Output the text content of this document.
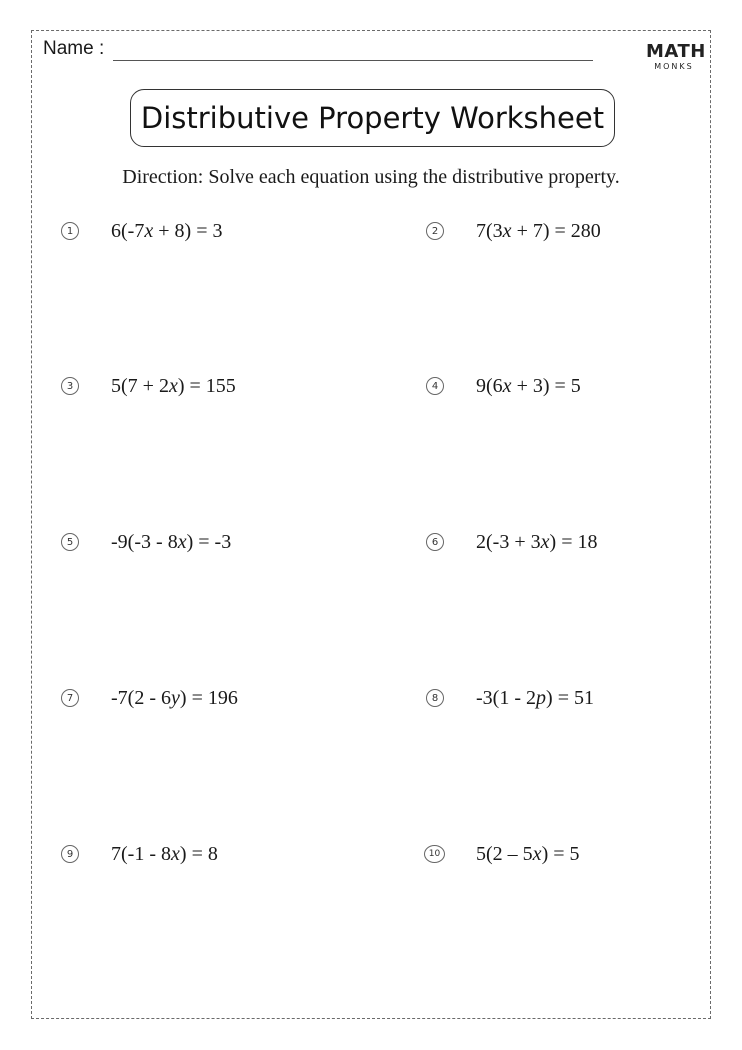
Name :	MATH
MONKS
Distributive Property Worksheet
Direction: Solve each equation using the distributive property.
1 6(-7x + 8) = 3	2 7(3x + 7) = 280
3 5(7 + 2x) = 155	4 9(6x + 3) = 5
5 -9(-3 - 8x) = -3	6 2(-3 + 3x) = 18
7 -7(2 - 6y) = 196	8 -3(1 - 2p) = 51
9 7(-1 - 8x) = 8	10 5(2 – 5x) = 5
